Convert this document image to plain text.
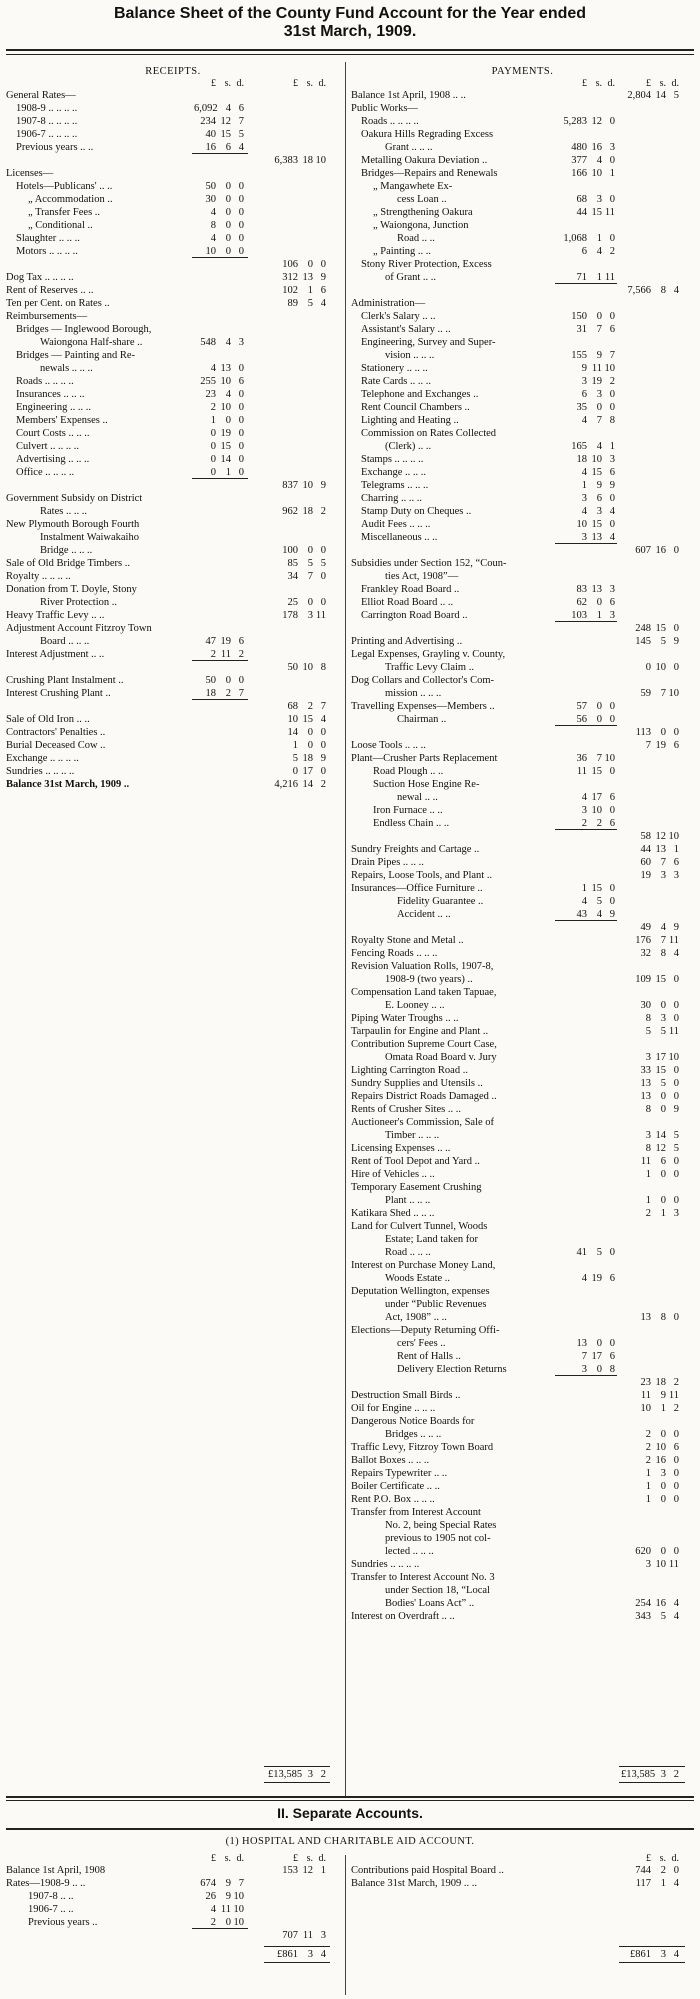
Balance Sheet of the County Fund Account for the Year ended
31st March, 1909.
RECEIPTS.
£ s. d.	£ s. d.
General Rates—
1908-9 .. .. .. ..	6,092 4 6
1907-8 .. .. .. ..	234 12 7
1906-7 .. .. .. ..	40 15 5
Previous years .. ..	16 6 4
6,383 18 10
Licenses—
Hotels—Publicans' .. ..	50 0 0
„ Accommodation ..	30 0 0
„ Transfer Fees ..	4 0 0
„ Conditional ..	8 0 0
Slaughter .. .. ..	4 0 0
Motors .. .. .. ..	10 0 0
106 0 0
Dog Tax .. .. .. ..	312 13 9
Rent of Reserves .. ..	102 1 6
Ten per Cent. on Rates ..	89 5 4
Reimbursements—
Bridges — Inglewood Borough,
Waiongona Half-share ..	548 4 3
Bridges — Painting and Re-
newals .. .. ..	4 13 0
Roads .. .. .. ..	255 10 6
Insurances .. .. ..	23 4 0
Engineering .. .. ..	2 10 0
Members' Expenses ..	1 0 0
Court Costs .. .. ..	0 19 0
Culvert .. .. .. ..	0 15 0
Advertising .. .. ..	0 14 0
Office .. .. .. ..	0 1 0
837 10 9
Government Subsidy on District
Rates .. .. ..	962 18 2
New Plymouth Borough Fourth
Instalment Waiwakaiho
Bridge .. .. ..	100 0 0
Sale of Old Bridge Timbers ..	85 5 5
Royalty .. .. .. ..	34 7 0
Donation from T. Doyle, Stony
River Protection ..	25 0 0
Heavy Traffic Levy .. ..	178 3 11
Adjustment Account Fitzroy Town
Board .. .. ..	47 19 6
Interest Adjustment .. ..	2 11 2
50 10 8
Crushing Plant Instalment ..	50 0 0
Interest Crushing Plant ..	18 2 7
68 2 7
Sale of Old Iron .. ..	10 15 4
Contractors' Penalties ..	14 0 0
Burial Deceased Cow ..	1 0 0
Exchange .. .. .. ..	5 18 9
Sundries .. .. .. ..	0 17 0
Balance 31st March, 1909 ..	4,216 14 2
£13,585 3 2
PAYMENTS.
£ s. d.	£ s. d.
Balance 1st April, 1908 .. ..	2,804 14 5
Public Works—
Roads .. .. .. ..	5,283 12 0
Oakura Hills Regrading Excess
Grant .. .. ..	480 16 3
Metalling Oakura Deviation ..	377 4 0
Bridges—Repairs and Renewals	166 10 1
„ Mangawhete Ex-
cess Loan ..	68 3 0
„ Strengthening Oakura	44 15 11
„ Waiongona, Junction
Road .. ..	1,068 1 0
„ Painting .. ..	6 4 2
Stony River Protection, Excess
of Grant .. ..	71 1 11
7,566 8 4
Administration—
Clerk's Salary .. ..	150 0 0
Assistant's Salary .. ..	31 7 6
Engineering, Survey and Super-
vision .. .. ..	155 9 7
Stationery .. .. ..	9 11 10
Rate Cards .. .. ..	3 19 2
Telephone and Exchanges ..	6 3 0
Rent Council Chambers ..	35 0 0
Lighting and Heating ..	4 7 8
Commission on Rates Collected
(Clerk) .. ..	165 4 1
Stamps .. .. .. ..	18 10 3
Exchange .. .. ..	4 15 6
Telegrams .. .. ..	1 9 9
Charring .. .. ..	3 6 0
Stamp Duty on Cheques ..	4 3 4
Audit Fees .. .. ..	10 15 0
Miscellaneous .. ..	3 13 4
607 16 0
Subsidies under Section 152, “Coun-
ties Act, 1908”—
Frankley Road Board ..	83 13 3
Elliot Road Board .. ..	62 0 6
Carrington Road Board ..	103 1 3
248 15 0
Printing and Advertising ..	145 5 9
Legal Expenses, Grayling v. County,
Traffic Levy Claim ..	0 10 0
Dog Collars and Collector's Com-
mission .. .. ..	59 7 10
Travelling Expenses—Members ..	57 0 0
Chairman ..	56 0 0
113 0 0
Loose Tools .. .. ..	7 19 6
Plant—Crusher Parts Replacement	36 7 10
Road Plough .. ..	11 15 0
Suction Hose Engine Re-
newal .. ..	4 17 6
Iron Furnace .. ..	3 10 0
Endless Chain .. ..	2 2 6
58 12 10
Sundry Freights and Cartage ..	44 13 1
Drain Pipes .. .. ..	60 7 6
Repairs, Loose Tools, and Plant ..	19 3 3
Insurances—Office Furniture ..	1 15 0
Fidelity Guarantee ..	4 5 0
Accident .. ..	43 4 9
49 4 9
Royalty Stone and Metal ..	176 7 11
Fencing Roads .. .. ..	32 8 4
Revision Valuation Rolls, 1907-8,
1908-9 (two years) ..	109 15 0
Compensation Land taken Tapuae,
E. Looney .. ..	30 0 0
Piping Water Troughs .. ..	8 3 0
Tarpaulin for Engine and Plant ..	5 5 11
Contribution Supreme Court Case,
Omata Road Board v. Jury	3 17 10
Lighting Carrington Road ..	33 15 0
Sundry Supplies and Utensils ..	13 5 0
Repairs District Roads Damaged ..	13 0 0
Rents of Crusher Sites .. ..	8 0 9
Auctioneer's Commission, Sale of
Timber .. .. ..	3 14 5
Licensing Expenses .. ..	8 12 5
Rent of Tool Depot and Yard ..	11 6 0
Hire of Vehicles .. ..	1 0 0
Temporary Easement Crushing
Plant .. .. ..	1 0 0
Katikara Shed .. .. ..	2 1 3
Land for Culvert Tunnel, Woods
Estate; Land taken for
Road .. .. ..	41 5 0
Interest on Purchase Money Land,
Woods Estate ..	4 19 6
Deputation Wellington, expenses
under “Public Revenues
Act, 1908” .. ..	13 8 0
Elections—Deputy Returning Offi-
cers' Fees ..	13 0 0
Rent of Halls ..	7 17 6
Delivery Election Returns	3 0 8
23 18 2
Destruction Small Birds ..	11 9 11
Oil for Engine .. .. ..	10 1 2
Dangerous Notice Boards for
Bridges .. .. ..	2 0 0
Traffic Levy, Fitzroy Town Board	2 10 6
Ballot Boxes .. .. ..	2 16 0
Repairs Typewriter .. ..	1 3 0
Boiler Certificate .. ..	1 0 0
Rent P.O. Box .. .. ..	1 0 0
Transfer from Interest Account
No. 2, being Special Rates
previous to 1905 not col-
lected .. .. ..	620 0 0
Sundries .. .. .. ..	3 10 11
Transfer to Interest Account No. 3
under Section 18, “Local
Bodies' Loans Act” ..	254 16 4
Interest on Overdraft .. ..	343 5 4
£13,585 3 2
II. Separate Accounts.
(1) HOSPITAL AND CHARITABLE AID ACCOUNT.
£ s. d.	£ s. d.
Balance 1st April, 1908	153 12 1
Rates—1908-9 .. ..	674 9 7
1907-8 .. ..	26 9 10
1906-7 .. ..	4 11 10
Previous years ..	2 0 10
707 11 3
£861 3 4
£ s. d.
Contributions paid Hospital Board ..	744 2 0
Balance 31st March, 1909 .. ..	117 1 4
£861 3 4
